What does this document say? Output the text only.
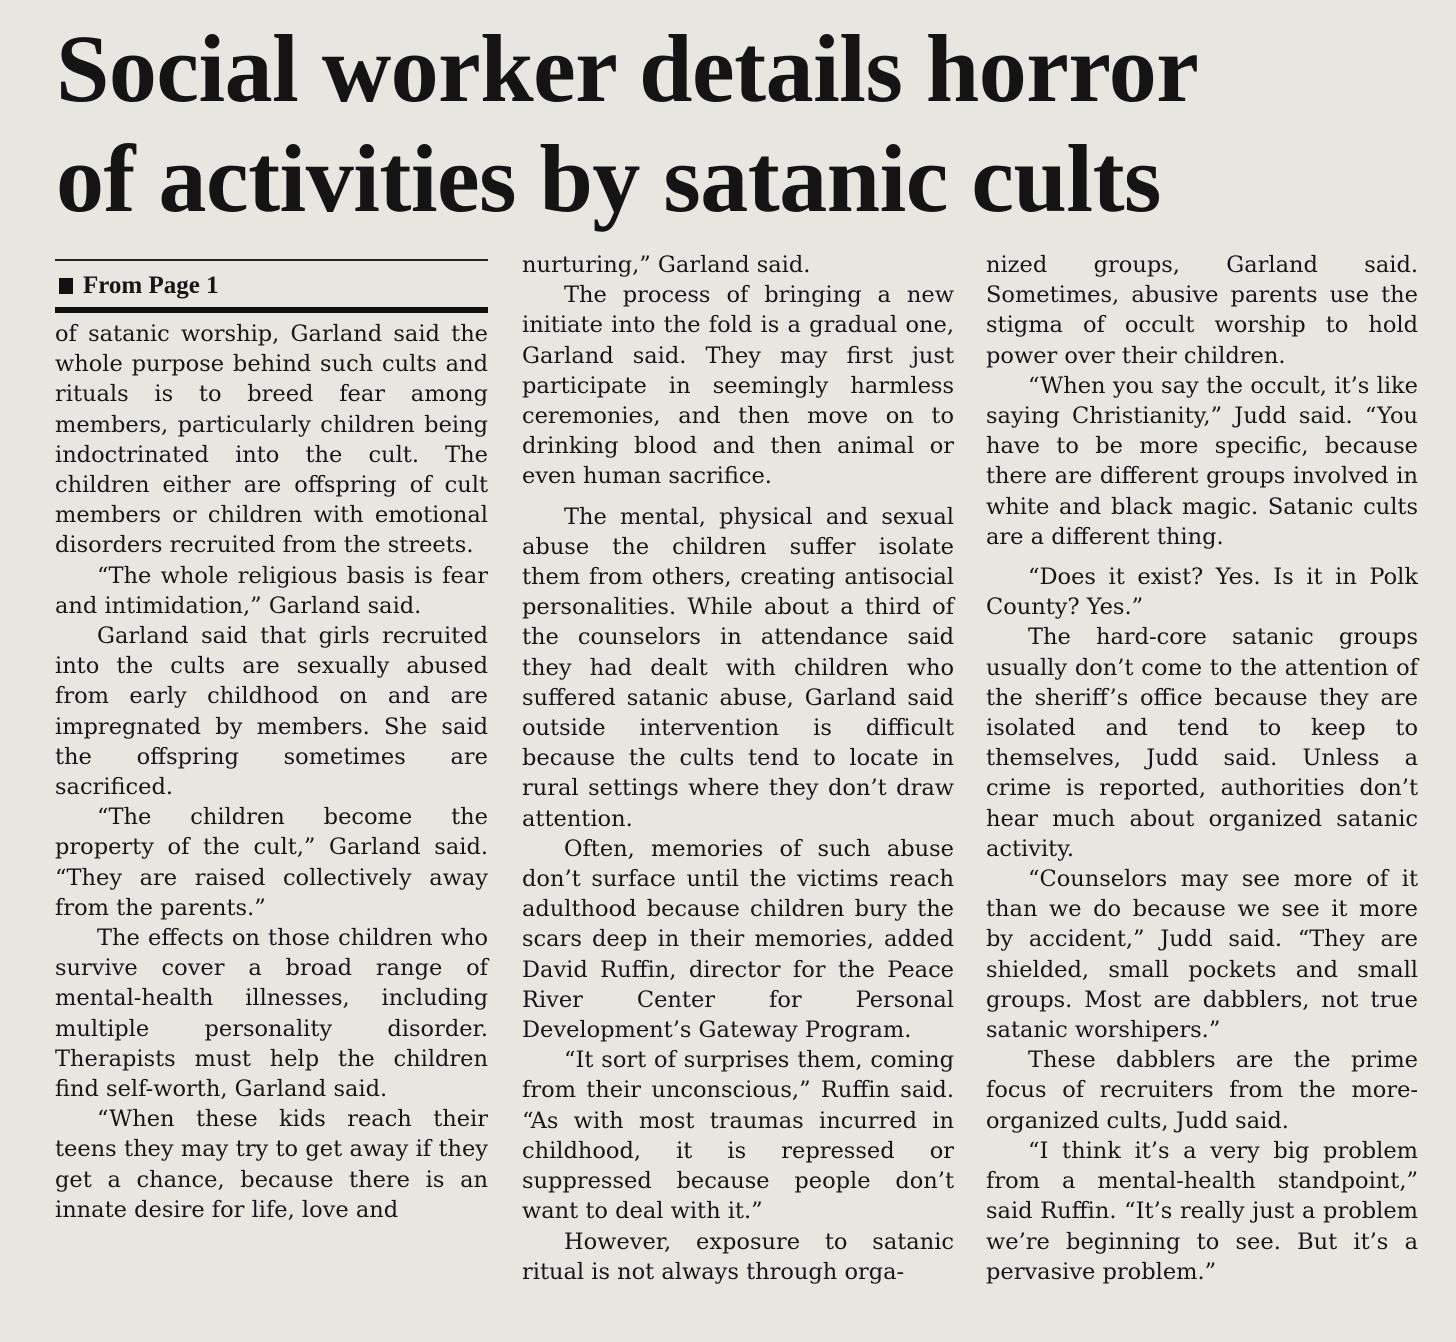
Social worker details horror
of activities by satanic cults
From Page 1

of satanic worship, Garland said the whole purpose behind such cults and rituals is to breed fear among members, particularly children being indoctrinated into the cult. The children either are offspring of cult members or children with emotional disorders recruited from the streets.

“The whole religious basis is fear and intimidation,” Garland said.

Garland said that girls recruited into the cults are sexually abused from early childhood on and are impregnated by members. She said the offspring sometimes are sacrificed.

“The children become the property of the cult,” Garland said. “They are raised collectively away from the parents.”

The effects on those children who survive cover a broad range of mental-health illnesses, including multiple personality disorder. Therapists must help the children find self-worth, Garland said.

“When these kids reach their teens they may try to get away if they get a chance, because there is an innate desire for life, love and

nurturing,” Garland said.

The process of bringing a new initiate into the fold is a gradual one, Garland said. They may first just participate in seemingly harmless ceremonies, and then move on to drinking blood and then animal or even human sacrifice.

The mental, physical and sexual abuse the children suffer isolate them from others, creating antisocial personalities. While about a third of the counselors in attendance said they had dealt with children who suffered satanic abuse, Garland said outside intervention is difficult because the cults tend to locate in rural settings where they don’t draw attention.

Often, memories of such abuse don’t surface until the victims reach adulthood because children bury the scars deep in their memories, added David Ruffin, director for the Peace River Center for Personal Development’s Gateway Program.

“It sort of surprises them, coming from their unconscious,” Ruffin said. “As with most traumas incurred in childhood, it is repressed or suppressed because people don’t want to deal with it.”

However, exposure to satanic ritual is not always through orga-

nized groups, Garland said. Sometimes, abusive parents use the stigma of occult worship to hold power over their children.

“When you say the occult, it’s like saying Christianity,” Judd said. “You have to be more specific, because there are different groups involved in white and black magic. Satanic cults are a different thing.

“Does it exist? Yes. Is it in Polk County? Yes.”

The hard-core satanic groups usually don’t come to the attention of the sheriff’s office because they are isolated and tend to keep to themselves, Judd said. Unless a crime is reported, authorities don’t hear much about organized satanic activity.

“Counselors may see more of it than we do because we see it more by accident,” Judd said. “They are shielded, small pockets and small groups. Most are dabblers, not true satanic worshipers.”

These dabblers are the prime focus of recruiters from the more-organized cults, Judd said.

“I think it’s a very big problem from a mental-health standpoint,” said Ruffin. “It’s really just a problem we’re beginning to see. But it’s a pervasive problem.”
